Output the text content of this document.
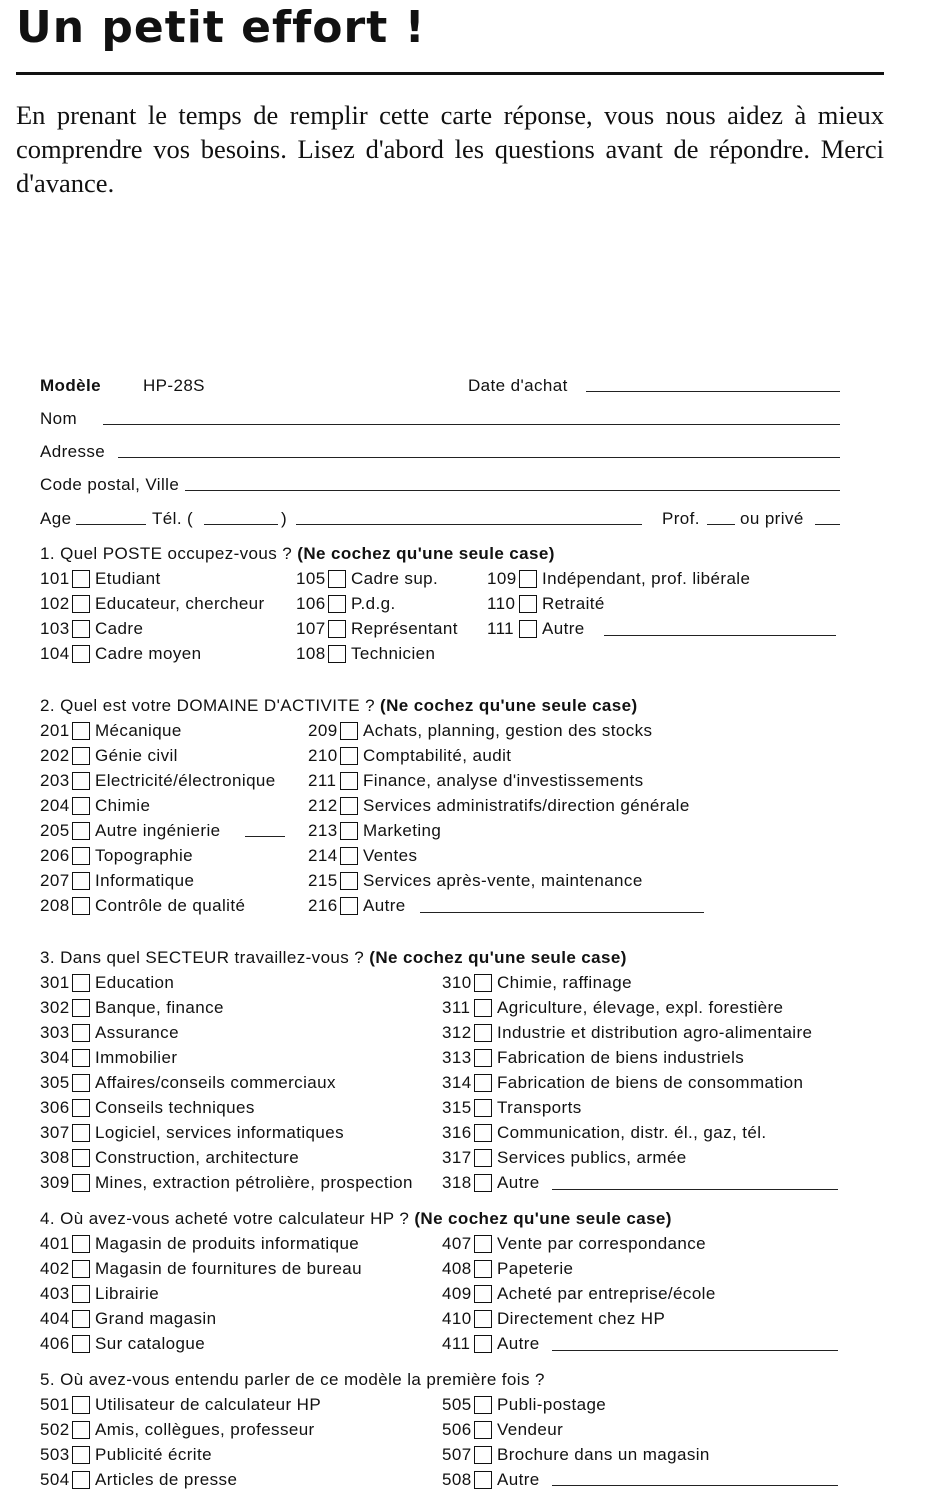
Un petit effort !

En prenant le temps de remplir cette carte réponse, vous nous aidez à mieux comprendre vos besoins. Lisez d'abord les questions avant de répondre. Merci d'avance.

Modèle HP-28S	Date d'achat
Nom
Adresse
Code postal, Ville
Age	Tél. (	)	Prof. ou privé
1. Quel POSTE occupez-vous ? (Ne cochez qu'une seule case)
101 Etudiant
102 Educateur, chercheur
103 Cadre
104 Cadre moyen
105 Cadre sup.
106 P.d.g.
107 Représentant
108 Technicien
109 Indépendant, prof. libérale
110 Retraité
111 Autre
2. Quel est votre DOMAINE D'ACTIVITE ? (Ne cochez qu'une seule case)
201 Mécanique
202 Génie civil
203 Electricité/électronique
204 Chimie
205 Autre ingénierie
206 Topographie
207 Informatique
208 Contrôle de qualité
209 Achats, planning, gestion des stocks
210 Comptabilité, audit
211 Finance, analyse d'investissements
212 Services administratifs/direction générale
213 Marketing
214 Ventes
215 Services après-vente, maintenance
216 Autre
3. Dans quel SECTEUR travaillez-vous ? (Ne cochez qu'une seule case)
301 Education
302 Banque, finance
303 Assurance
304 Immobilier
305 Affaires/conseils commerciaux
306 Conseils techniques
307 Logiciel, services informatiques
308 Construction, architecture
309 Mines, extraction pétrolière, prospection
310 Chimie, raffinage
311 Agriculture, élevage, expl. forestière
312 Industrie et distribution agro-alimentaire
313 Fabrication de biens industriels
314 Fabrication de biens de consommation
315 Transports
316 Communication, distr. él., gaz, tél.
317 Services publics, armée
318 Autre
4. Où avez-vous acheté votre calculateur HP ? (Ne cochez qu'une seule case)
401 Magasin de produits informatique
402 Magasin de fournitures de bureau
403 Librairie
404 Grand magasin
406 Sur catalogue
407 Vente par correspondance
408 Papeterie
409 Acheté par entreprise/école
410 Directement chez HP
411 Autre
5. Où avez-vous entendu parler de ce modèle la première fois ?
501 Utilisateur de calculateur HP
502 Amis, collègues, professeur
503 Publicité écrite
504 Articles de presse
505 Publi-postage
506 Vendeur
507 Brochure dans un magasin
508 Autre
